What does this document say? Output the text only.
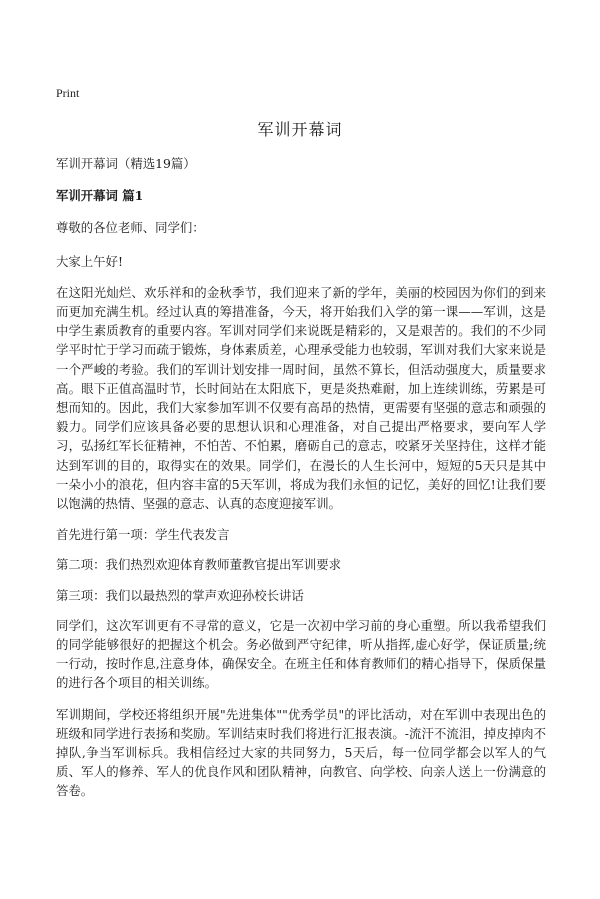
Print
军训开幕词

军训开幕词（精选19篇）

军训开幕词 篇1

尊敬的各位老师、同学们：

大家上午好!

在这阳光灿烂、欢乐祥和的金秋季节，我们迎来了新的学年，美丽的校园因为你们的到来而更加充满生机。经过认真的筹措准备，今天，将开始我们入学的第一课——军训，这是中学生素质教育的重要内容。军训对同学们来说既是精彩的，又是艰苦的。我们的不少同学平时忙于学习而疏于锻炼，身体素质差，心理承受能力也较弱，军训对我们大家来说是一个严峻的考验。我们的军训计划安排一周时间，虽然不算长，但活动强度大，质量要求高。眼下正值高温时节，长时间站在太阳底下，更是炎热难耐，加上连续训练，劳累是可想而知的。因此，我们大家参加军训不仅要有高昂的热情，更需要有坚强的意志和顽强的毅力。同学们应该具备必要的思想认识和心理准备，对自己提出严格要求，要向军人学习，弘扬红军长征精神，不怕苦、不怕累，磨砺自己的意志，咬紧牙关坚持住，这样才能达到军训的目的，取得实在的效果。同学们，在漫长的人生长河中，短短的5天只是其中一朵小小的浪花，但内容丰富的5天军训，将成为我们永恒的记忆，美好的回忆!让我们要以饱满的热情、坚强的意志、认真的态度迎接军训。

首先进行第一项：学生代表发言

第二项：我们热烈欢迎体育教师董教官提出军训要求

第三项：我们以最热烈的掌声欢迎孙校长讲话

同学们，这次军训更有不寻常的意义，它是一次初中学习前的身心重塑。所以我希望我们的同学能够很好的把握这个机会。务必做到严守纪律，听从指挥,虚心好学，保证质量;统一行动，按时作息,注意身体，确保安全。在班主任和体育教师们的精心指导下，保质保量的进行各个项目的相关训练。

军训期间，学校还将组织开展"先进集体""优秀学员"的评比活动，对在军训中表现出色的班级和同学进行表扬和奖励。军训结束时我们将进行汇报表演。-流汗不流泪，掉皮掉肉不掉队,争当军训标兵。我相信经过大家的共同努力，5天后，每一位同学都会以军人的气质、军人的修养、军人的优良作风和团队精神，向教官、向学校、向亲人送上一份满意的答卷。
